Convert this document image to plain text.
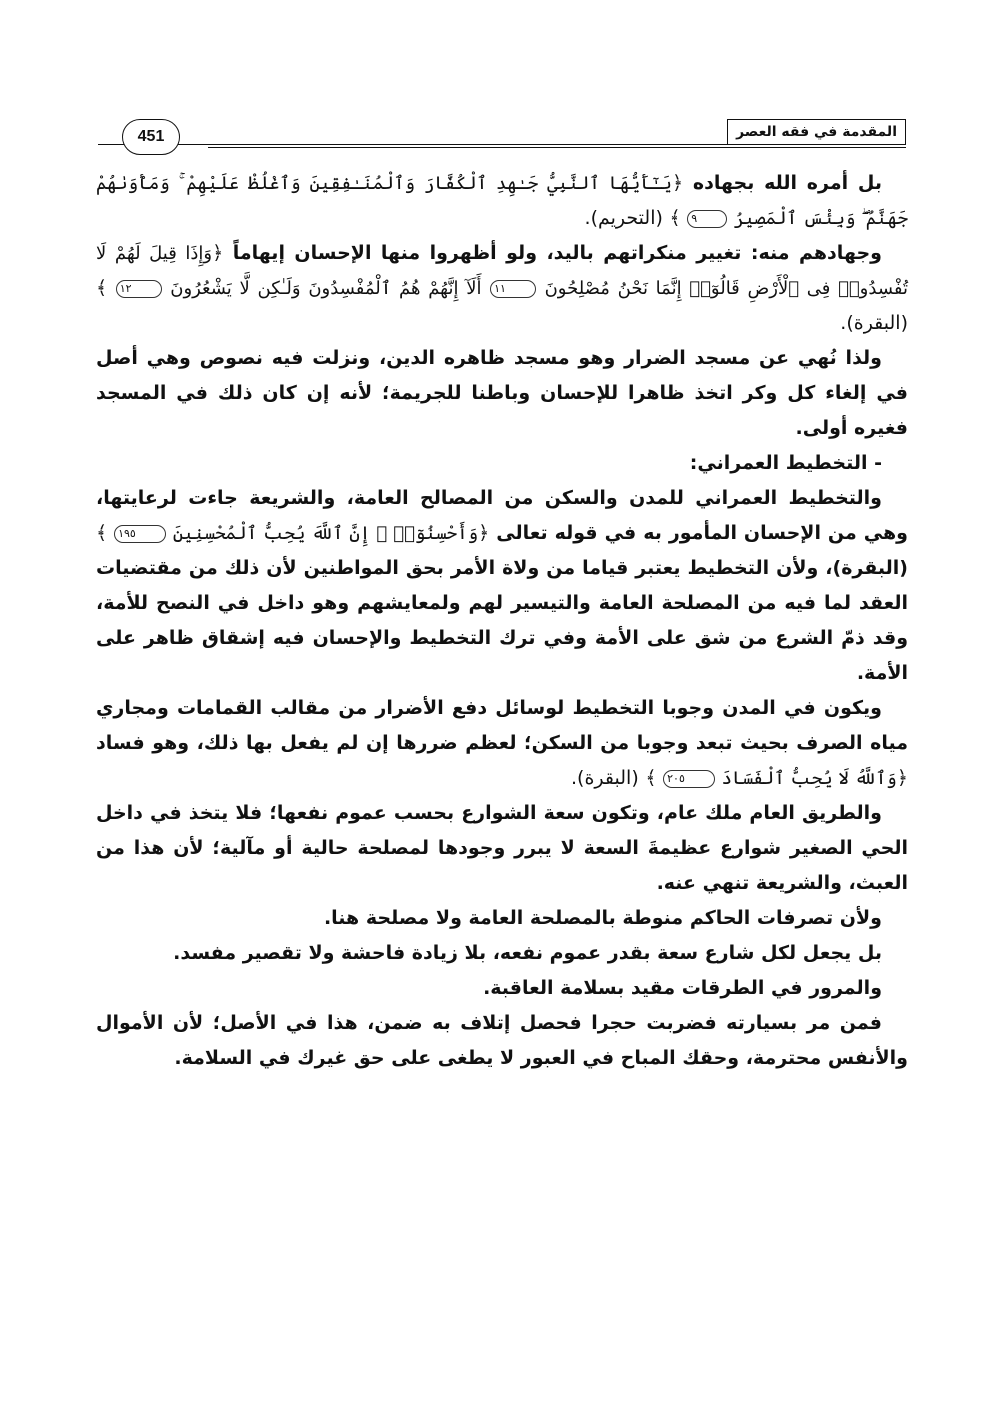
451	المقدمة في فقه العصر

بل أمره الله بجهاده ﴿يَـٰٓأَيُّهَا ٱلنَّبِيُّ جَـٰهِدِ ٱلْكُفَّارَ وَٱلْمُنَـٰفِقِينَ وَٱغْلُظْ عَلَيْهِمْ ۚ وَمَأْوَىٰهُمْ جَهَنَّمُ ۖ وَبِئْسَ ٱلْمَصِيرُ ٩ ﴾ (التحريم).

وجهادهم منه: تغيير منكراتهم باليد، ولو أظهروا منها الإحسان إيهاماً ﴿وَإِذَا قِيلَ لَهُمْ لَا تُفْسِدُوا۟ فِى ٱلْأَرْضِ قَالُوٓا۟ إِنَّمَا نَحْنُ مُصْلِحُونَ ١١ أَلَآ إِنَّهُمْ هُمُ ٱلْمُفْسِدُونَ وَلَـٰكِن لَّا يَشْعُرُونَ ١٢ ﴾ (البقرة).

ولذا نُهي عن مسجد الضرار وهو مسجد ظاهره الدين، ونزلت فيه نصوص وهي أصل في إلغاء كل وكر اتخذ ظاهرا للإحسان وباطنا للجريمة؛ لأنه إن كان ذلك في المسجد فغيره أولى.

- التخطيط العمراني:

والتخطيط العمراني للمدن والسكن من المصالح العامة، والشريعة جاءت لرعايتها، وهي من الإحسان المأمور به في قوله تعالى ﴿وَأَحْسِنُوٓا۟ ۛ إِنَّ ٱللَّهَ يُحِبُّ ٱلْمُحْسِنِينَ ١٩٥ ﴾ (البقرة)، ولأن التخطيط يعتبر قياما من ولاة الأمر بحق المواطنين لأن ذلك من مقتضيات العقد لما فيه من المصلحة العامة والتيسير لهم ولمعايشهم وهو داخل في النصح للأمة، وقد ذمّ الشرع من شق على الأمة وفي ترك التخطيط والإحسان فيه إشقاق ظاهر على الأمة.

ويكون في المدن وجوبا التخطيط لوسائل دفع الأضرار من مقالب القمامات ومجاري مياه الصرف بحيث تبعد وجوبا من السكن؛ لعظم ضررها إن لم يفعل بها ذلك، وهو فساد ﴿وَٱللَّهُ لَا يُحِبُّ ٱلْفَسَادَ ٢٠٥ ﴾ (البقرة).

والطريق العام ملك عام، وتكون سعة الشوارع بحسب عموم نفعها؛ فلا يتخذ في داخل الحي الصغير شوارع عظيمةَ السعة لا يبرر وجودها لمصلحة حالية أو مآلية؛ لأن هذا من العبث، والشريعة تنهي عنه.

ولأن تصرفات الحاكم منوطة بالمصلحة العامة ولا مصلحة هنا.

بل يجعل لكل شارع سعة بقدر عموم نفعه، بلا زيادة فاحشة ولا تقصير مفسد.

والمرور في الطرقات مقيد بسلامة العاقبة.

فمن مر بسيارته فضربت حجرا فحصل إتلاف به ضمن، هذا في الأصل؛ لأن الأموال والأنفس محترمة، وحقك المباح في العبور لا يطغى على حق غيرك في السلامة.
